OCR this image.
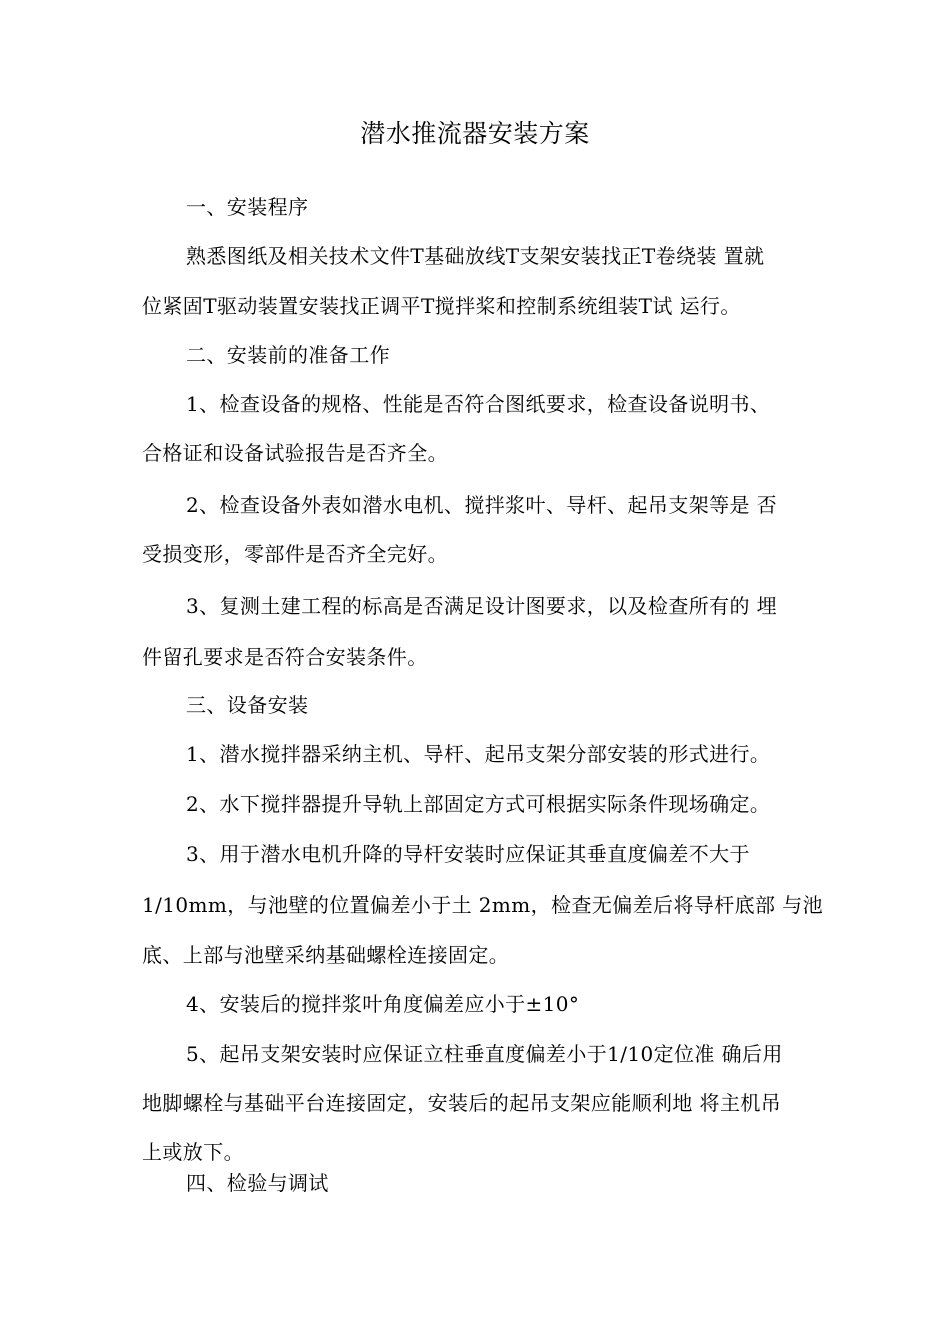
潜水推流器安装方案
一、安装程序
熟悉图纸及相关技术文件T基础放线T支架安装找正T卷绕装 置就
位紧固T驱动装置安装找正调平T搅拌桨和控制系统组装T试 运行。
二、安装前的准备工作
1、检查设备的规格、性能是否符合图纸要求，检查设备说明书、
合格证和设备试验报告是否齐全。
2、检查设备外表如潜水电机、搅拌浆叶、导杆、起吊支架等是 否
受损变形，零部件是否齐全完好。
3、复测土建工程的标高是否满足设计图要求，以及检查所有的 埋
件留孔要求是否符合安装条件。
三、设备安装
1、潜水搅拌器采纳主机、导杆、起吊支架分部安装的形式进行。
2、水下搅拌器提升导轨上部固定方式可根据实际条件现场确定。
3、用于潜水电机升降的导杆安装时应保证其垂直度偏差不大于
1/10mm，与池壁的位置偏差小于土 2mm，检查无偏差后将导杆底部 与池
底、上部与池壁采纳基础螺栓连接固定。
4、安装后的搅拌浆叶角度偏差应小于±10°
5、起吊支架安装时应保证立柱垂直度偏差小于1/10定位准 确后用
地脚螺栓与基础平台连接固定，安装后的起吊支架应能顺利地 将主机吊
上或放下。
四、检验与调试
